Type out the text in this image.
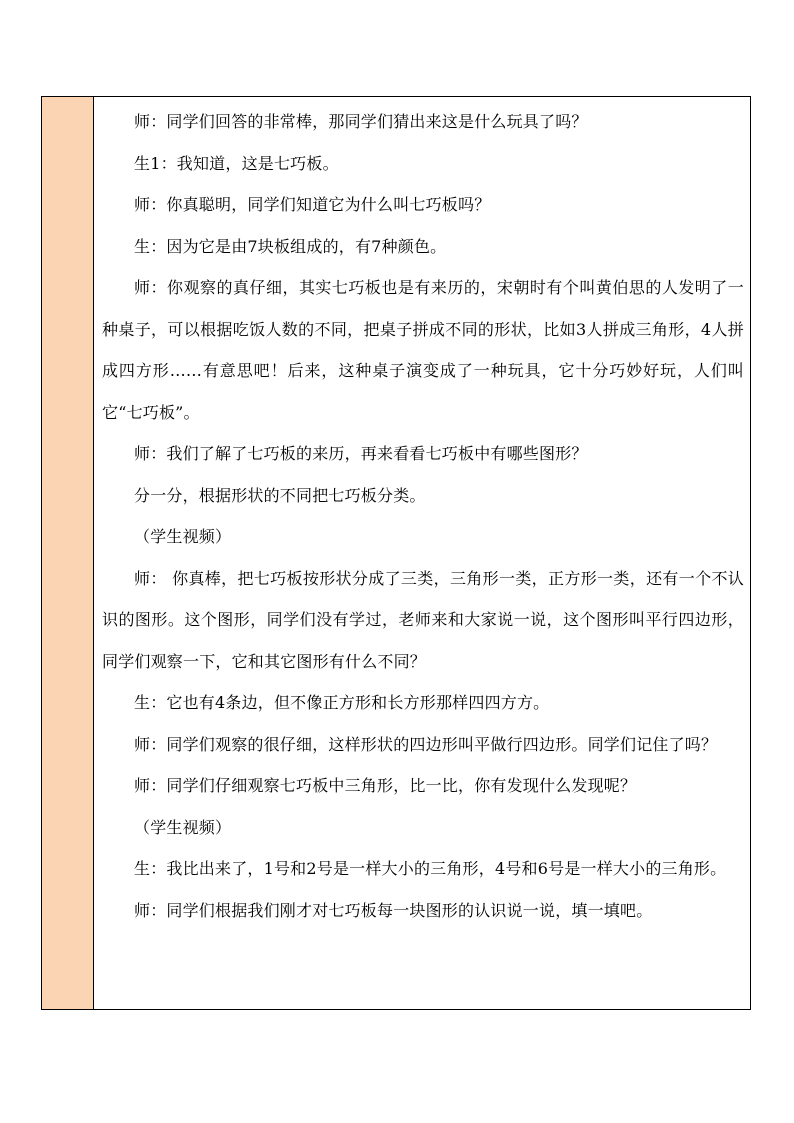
师：同学们回答的非常棒，那同学们猜出来这是什么玩具了吗？

生1：我知道，这是七巧板。

师：你真聪明，同学们知道它为什么叫七巧板吗？

生：因为它是由7块板组成的，有7种颜色。

师：你观察的真仔细，其实七巧板也是有来历的，宋朝时有个叫黄伯思的人发明了一种桌子，可以根据吃饭人数的不同，把桌子拼成不同的形状，比如3人拼成三角形，4人拼成四方形……有意思吧！后来，这种桌子演变成了一种玩具，它十分巧妙好玩，人们叫它“七巧板”。

师：我们了解了七巧板的来历，再来看看七巧板中有哪些图形？

分一分，根据形状的不同把七巧板分类。

（学生视频）

师： 你真棒，把七巧板按形状分成了三类，三角形一类，正方形一类，还有一个不认识的图形。这个图形，同学们没有学过，老师来和大家说一说，这个图形叫平行四边形，同学们观察一下，它和其它图形有什么不同？

生：它也有4条边，但不像正方形和长方形那样四四方方。

师：同学们观察的很仔细，这样形状的四边形叫平做行四边形。同学们记住了吗？

师：同学们仔细观察七巧板中三角形，比一比，你有发现什么发现呢？

（学生视频）

生：我比出来了，1号和2号是一样大小的三角形，4号和6号是一样大小的三角形。

师：同学们根据我们刚才对七巧板每一块图形的认识说一说，填一填吧。
